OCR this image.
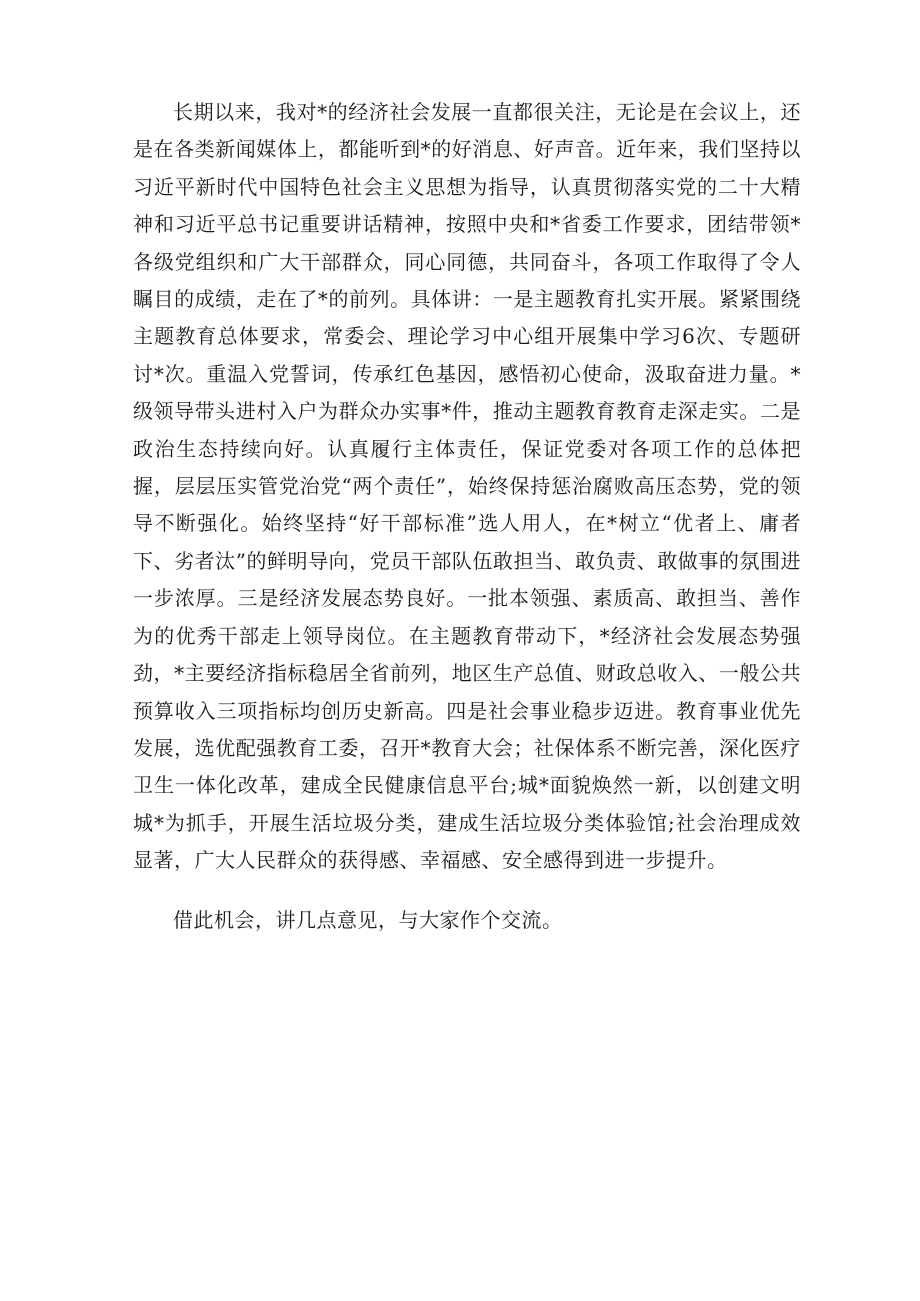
长期以来，我对*的经济社会发展一直都很关注，无论是在会议上，还是在各类新闻媒体上，都能听到*的好消息、好声音。近年来，我们坚持以习近平新时代中国特色社会主义思想为指导，认真贯彻落实党的二十大精神和习近平总书记重要讲话精神，按照中央和*省委工作要求，团结带领*各级党组织和广大干部群众，同心同德，共同奋斗，各项工作取得了令人瞩目的成绩，走在了*的前列。具体讲：一是主题教育扎实开展。紧紧围绕主题教育总体要求，常委会、理论学习中心组开展集中学习6次、专题研讨*次。重温入党誓词，传承红色基因，感悟初心使命，汲取奋进力量。*级领导带头进村入户为群众办实事*件，推动主题教育教育走深走实。二是政治生态持续向好。认真履行主体责任，保证党委对各项工作的总体把握，层层压实管党治党“两个责任”，始终保持惩治腐败高压态势，党的领导不断强化。始终坚持“好干部标准”选人用人，在*树立“优者上、庸者下、劣者汰”的鲜明导向，党员干部队伍敢担当、敢负责、敢做事的氛围进一步浓厚。三是经济发展态势良好。一批本领强、素质高、敢担当、善作为的优秀干部走上领导岗位。在主题教育带动下，*经济社会发展态势强劲，*主要经济指标稳居全省前列，地区生产总值、财政总收入、一般公共预算收入三项指标均创历史新高。四是社会事业稳步迈进。教育事业优先发展，选优配强教育工委，召开*教育大会；社保体系不断完善，深化医疗卫生一体化改革，建成全民健康信息平台;城*面貌焕然一新，以创建文明城*为抓手，开展生活垃圾分类，建成生活垃圾分类体验馆;社会治理成效显著，广大人民群众的获得感、幸福感、安全感得到进一步提升。

借此机会，讲几点意见，与大家作个交流。
